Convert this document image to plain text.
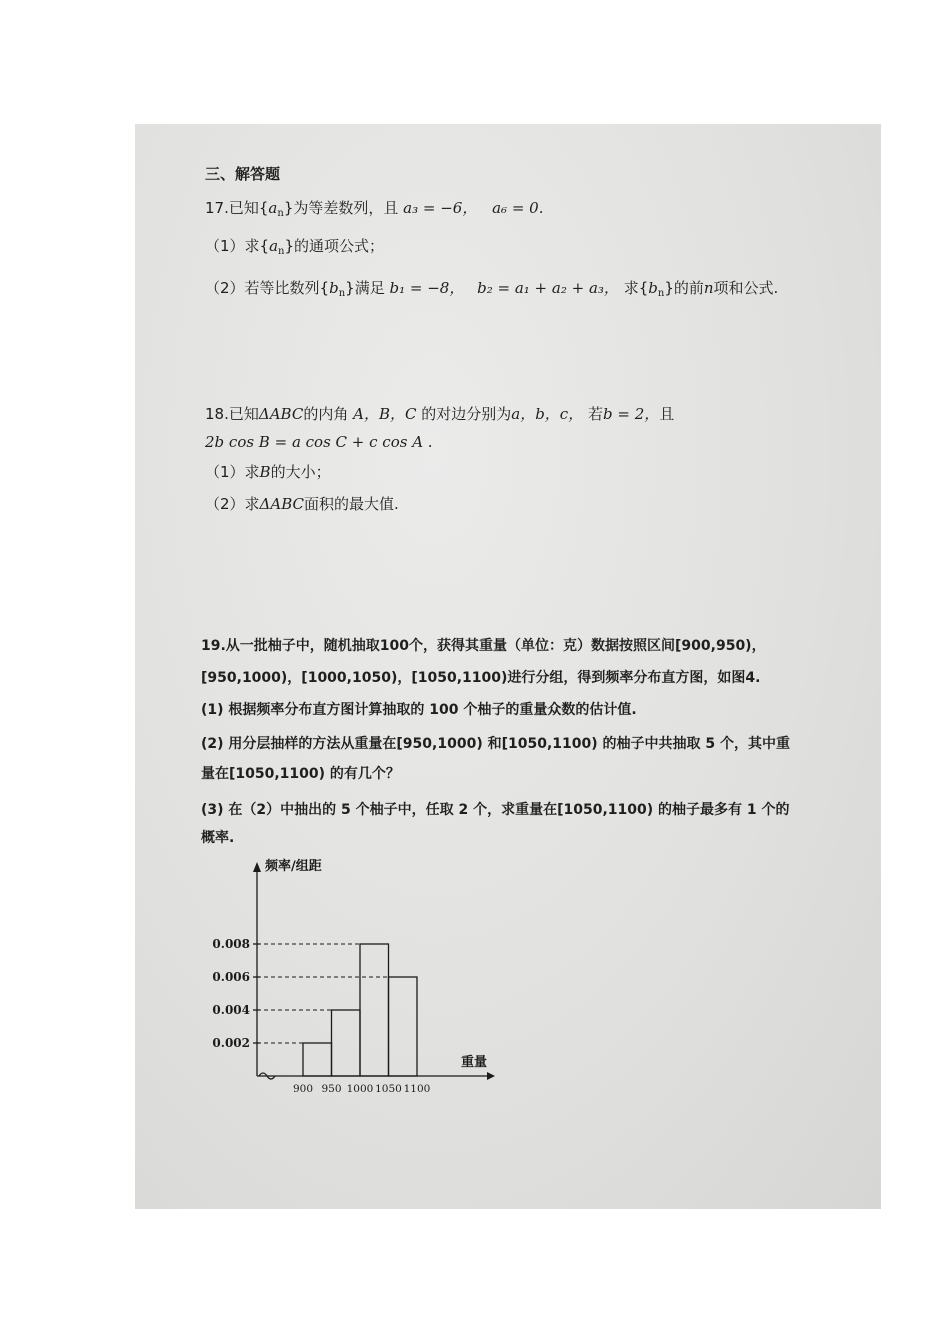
三、解答题
17.已知$\{a_n\}$为等差数列，且 a₃ = −6， a₆ = 0.
（1）求$\{a_n\}$的通项公式；
（2）若等比数列$\{b_n\}$满足 b₁ = −8， b₂ = a₁ + a₂ + a₃， 求$\{b_n\}$的前n项和公式.
18.已知ΔABC的内角 A，B，C 的对边分别为a，b，c， 若b = 2，且
2b cos B = a cos C + c cos A .
（1）求B的大小；
（2）求ΔABC面积的最大值.
19.从一批柚子中，随机抽取100个，获得其重量（单位：克）数据按照区间[900,950)，
[950,1000)，[1000,1050)，[1050,1100)进行分组，得到频率分布直方图，如图4.
(1) 根据频率分布直方图计算抽取的 100 个柚子的重量众数的估计值.
(2) 用分层抽样的方法从重量在[950,1000) 和[1050,1100) 的柚子中共抽取 5 个，其中重
量在[1050,1100) 的有几个？
(3) 在（2）中抽出的 5 个柚子中，任取 2 个，求重量在[1050,1100) 的柚子最多有 1 个的
概率.
0.008
0.006
0.004
0.002
900 950 1000 1050 1100
频率/组距
重量
